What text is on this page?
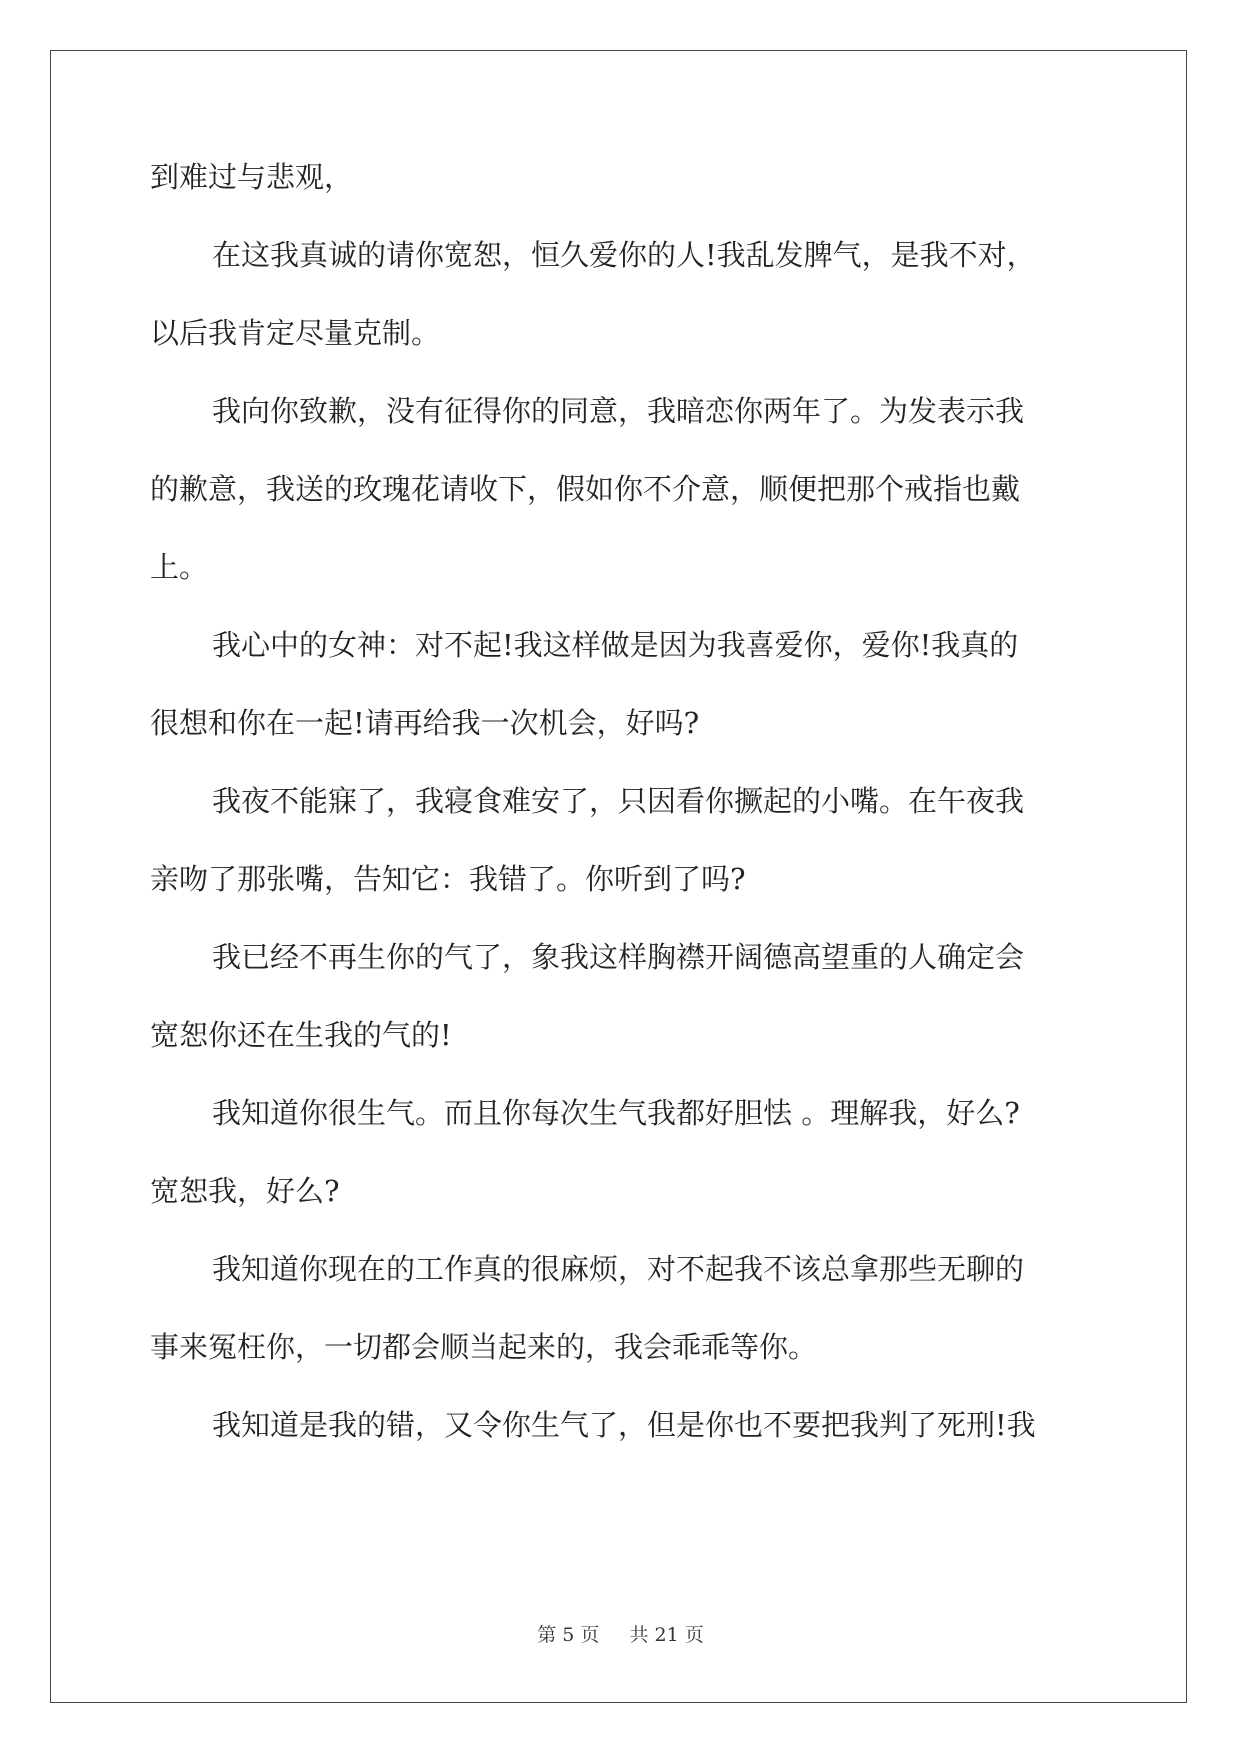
到难过与悲观，
在这我真诚的请你宽恕，恒久爱你的人!我乱发脾气，是我不对，
以后我肯定尽量克制。
我向你致歉，没有征得你的同意，我暗恋你两年了。为发表示我
的歉意，我送的玫瑰花请收下，假如你不介意，顺便把那个戒指也戴
上。
我心中的女神：对不起!我这样做是因为我喜爱你，爱你!我真的
很想和你在一起!请再给我一次机会，好吗?
我夜不能寐了，我寝食难安了，只因看你撅起的小嘴。在午夜我
亲吻了那张嘴，告知它：我错了。你听到了吗?
我已经不再生你的气了，象我这样胸襟开阔德高望重的人确定会
宽恕你还在生我的气的!
我知道你很生气。而且你每次生气我都好胆怯 。理解我，好么?
宽恕我，好么?
我知道你现在的工作真的很麻烦，对不起我不该总拿那些无聊的
事来冤枉你，一切都会顺当起来的，我会乖乖等你。
我知道是我的错，又令你生气了，但是你也不要把我判了死刑!我
第 5 页 共 21 页
